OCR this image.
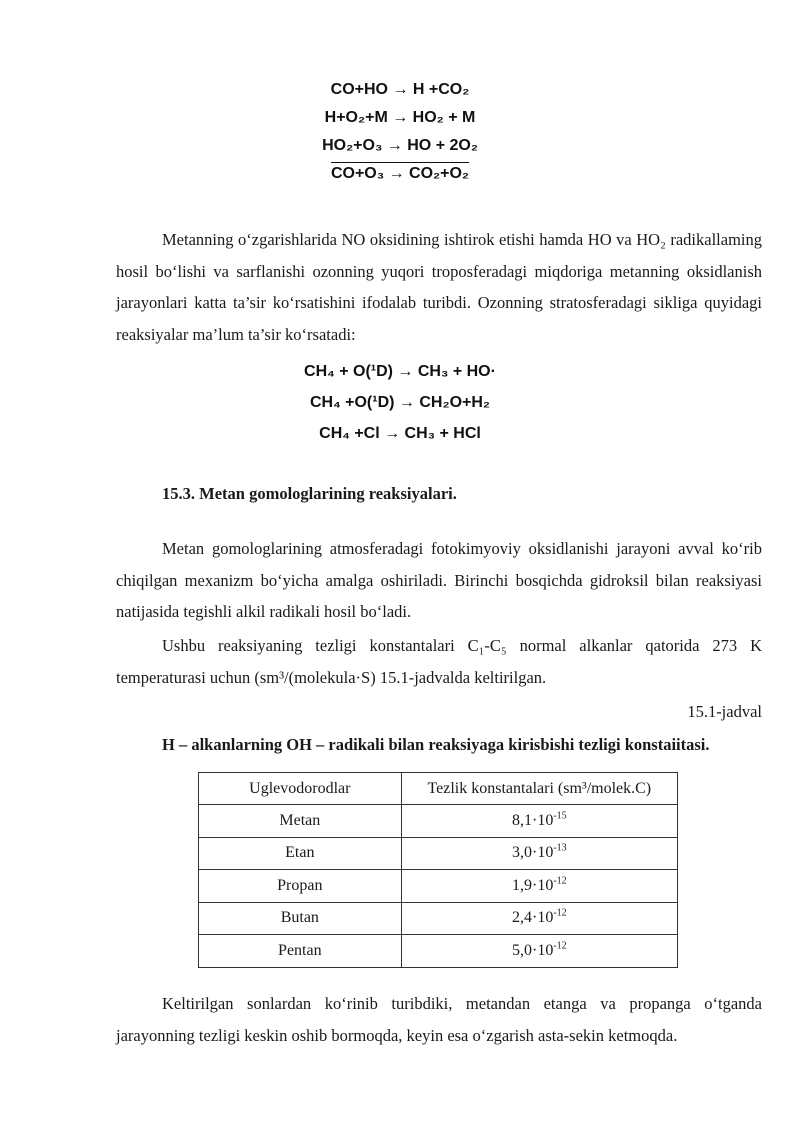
CO+HO → H +CO₂
H+O₂+M → HO₂ + M
HO₂+O₃ → HO + 2O₂
CO+O₃ → CO₂+O₂
Metanning oʻzgarishlarida NO oksidining ishtirok etishi hamda HO va HO₂ radikallaming hosil boʻlishi va sarflanishi ozonning yuqori troposferadagi miqdoriga metanning oksidlanish jarayonlari katta ta’sir koʻrsatishini ifodalab turibdi. Ozonning stratosferadagi sikliga quyidagi reaksiyalar ma’lum ta’sir koʻrsatadi:
CH₄ + O(¹D) → CH₃ + HO·
CH₄ +O(¹D) → CH₂O+H₂
CH₄ +Cl → CH₃ + HCl
15.3. Metan gomologlarining reaksiyalari.
Metan gomologlarining atmosferadagi fotokimyoviy oksidlanishi jarayoni avval koʻrib chiqilgan mexanizm boʻyicha amalga oshiriladi. Birinchi bosqichda gidroksil bilan reaksiyasi natijasida tegishli alkil radikali hosil boʻladi.
Ushbu reaksiyaning tezligi konstantalari C₁-C₅ normal alkanlar qatorida 273 K temperaturasi uchun (sm³/(molekula·S) 15.1-jadvalda keltirilgan.
15.1-jadval
H – alkanlarning OH – radikali bilan reaksiyaga kirisbishi tezligi konstaiitasi.
Uglevodorodlar	Tezlik konstantalari (sm³/molek.C)
Metan	$8,1\cdot 10^{-15}$
Etan	$3,0\cdot 10^{-13}$
Propan	$1,9\cdot 10^{-12}$
Butan	$2,4\cdot 10^{-12}$
Pentan	$5,0\cdot 10^{-12}$
Keltirilgan sonlardan koʻrinib turibdiki, metandan etanga va propanga oʻtganda jarayonning tezligi keskin oshib bormoqda, keyin esa oʻzgarish asta-sekin ketmoqda.
